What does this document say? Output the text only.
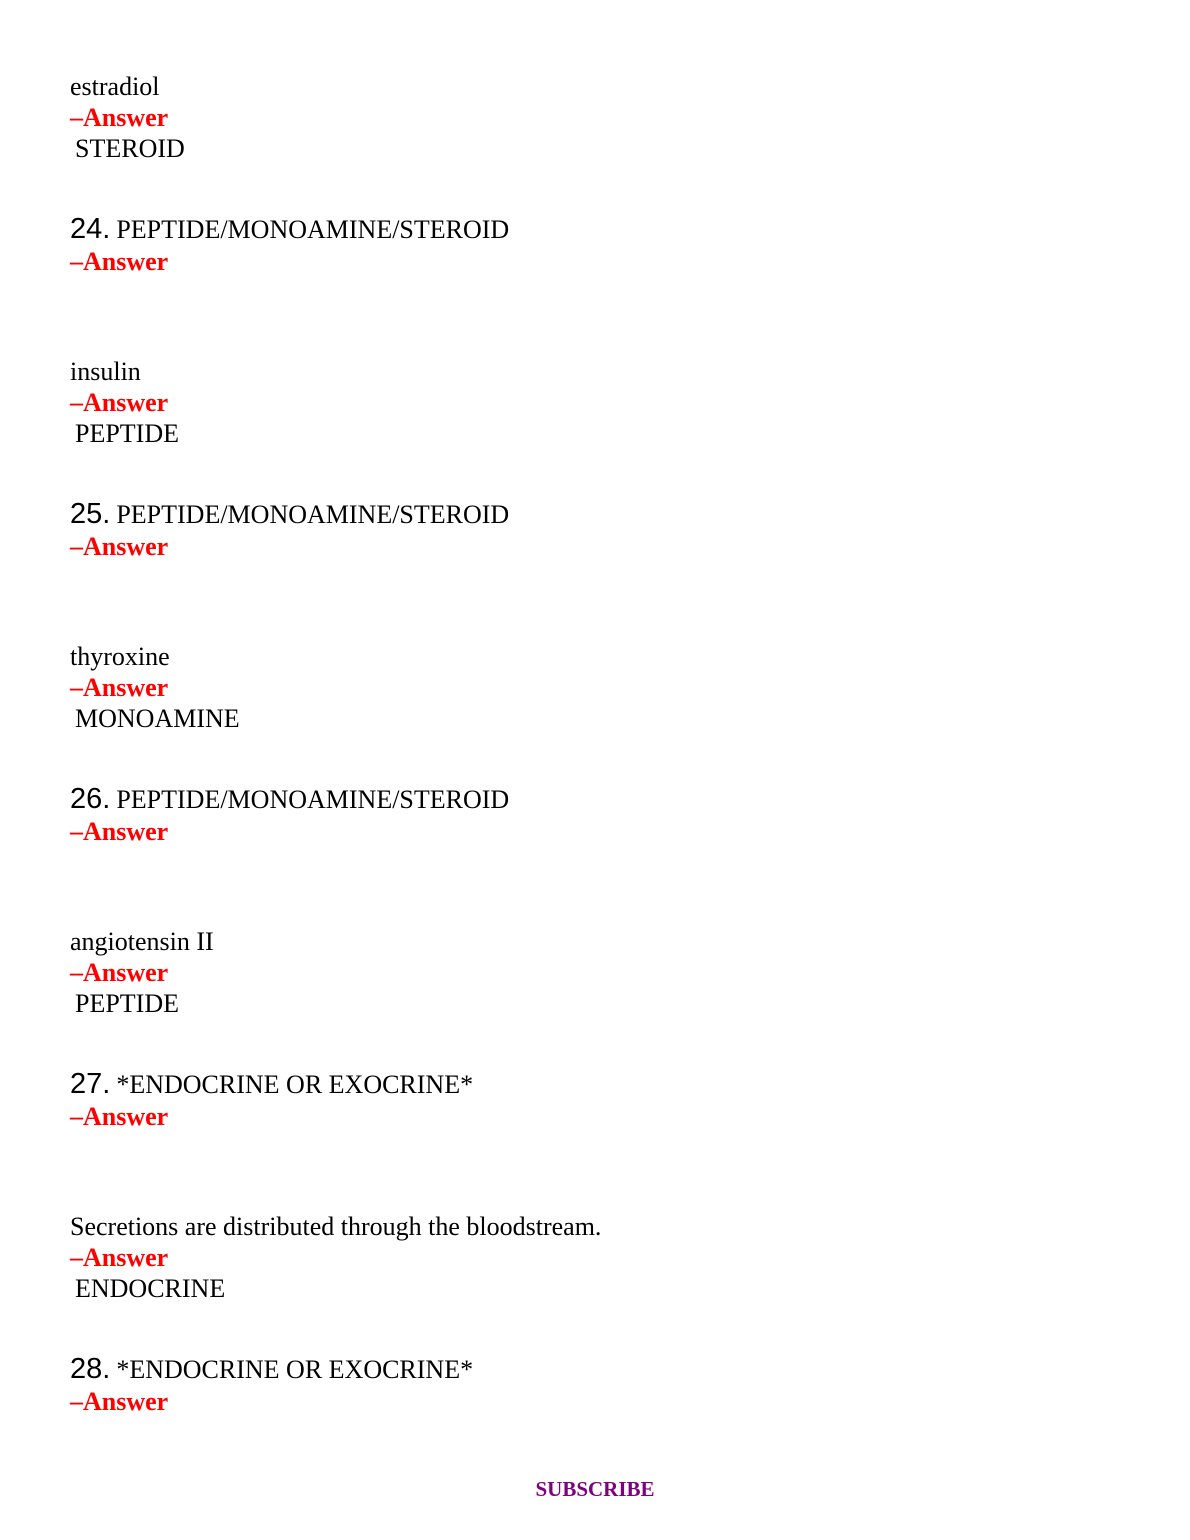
estradiol
–Answer
STEROID
24. PEPTIDE/MONOAMINE/STEROID
–Answer
insulin
–Answer
PEPTIDE
25. PEPTIDE/MONOAMINE/STEROID
–Answer
thyroxine
–Answer
MONOAMINE
26. PEPTIDE/MONOAMINE/STEROID
–Answer
angiotensin II
–Answer
PEPTIDE
27. *ENDOCRINE OR EXOCRINE*
–Answer
Secretions are distributed through the bloodstream.
–Answer
ENDOCRINE
28. *ENDOCRINE OR EXOCRINE*
–Answer
SUBSCRIBE
